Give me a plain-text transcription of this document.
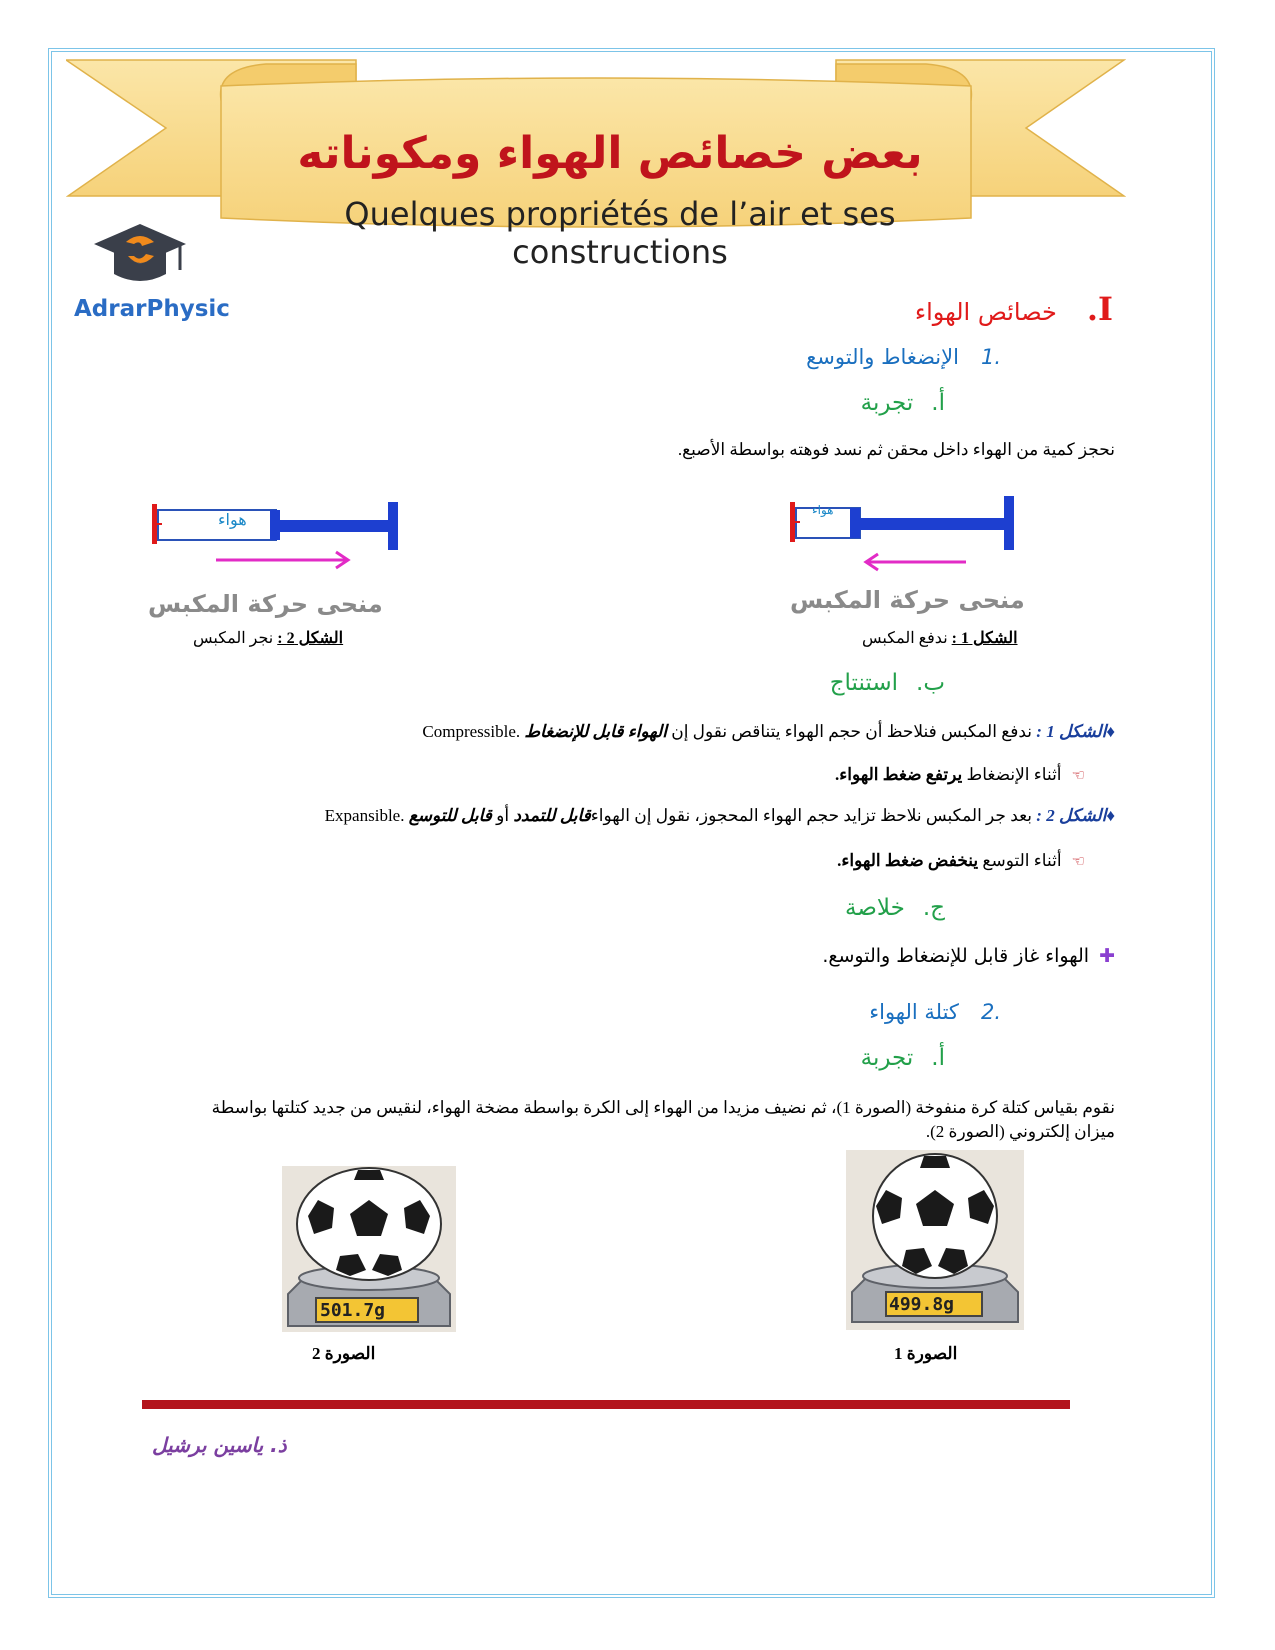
بعض خصائص الهواء ومكوناته
Quelques propriétés de l’air et ses constructions
AdrarPhysic	I.خصائص الهواء
.1الإنضغاط والتوسع
أ.تجربة
نحجز كمية من الهواء داخل محقن ثم نسد فوهته بواسطة الأصبع.
هواء
منحى حركة المكبس
الشكل 1 : ندفع المكبس
هواء
منحى حركة المكبس
الشكل 2 : نجر المكبس
ب.استنتاج
♦الشكل 1 : ندفع المكبس فنلاحظ أن حجم الهواء يتناقص نقول إن الهواء قابل للإنضغاط Compressible.
☜أثناء الإنضغاط يرتفع ضغط الهواء.
♦الشكل 2 : بعد جر المكبس نلاحظ تزايد حجم الهواء المحجوز، نقول إن الهواءقابل للتمدد أو قابل للتوسع Expansible.
☜أثناء التوسع ينخفض ضغط الهواء.
ج.خلاصة
✚الهواء غاز قابل للإنضغاط والتوسع.
.2كتلة الهواء
أ.تجربة
نقوم بقياس كتلة كرة منفوخة (الصورة 1)، ثم نضيف مزيدا من الهواء إلى الكرة بواسطة مضخة الهواء، لنقيس من جديد كتلتها بواسطة ميزان إلكتروني (الصورة 2).
499.8g
الصورة 1
501.7g
الصورة 2
ذ. ياسين برشيل
